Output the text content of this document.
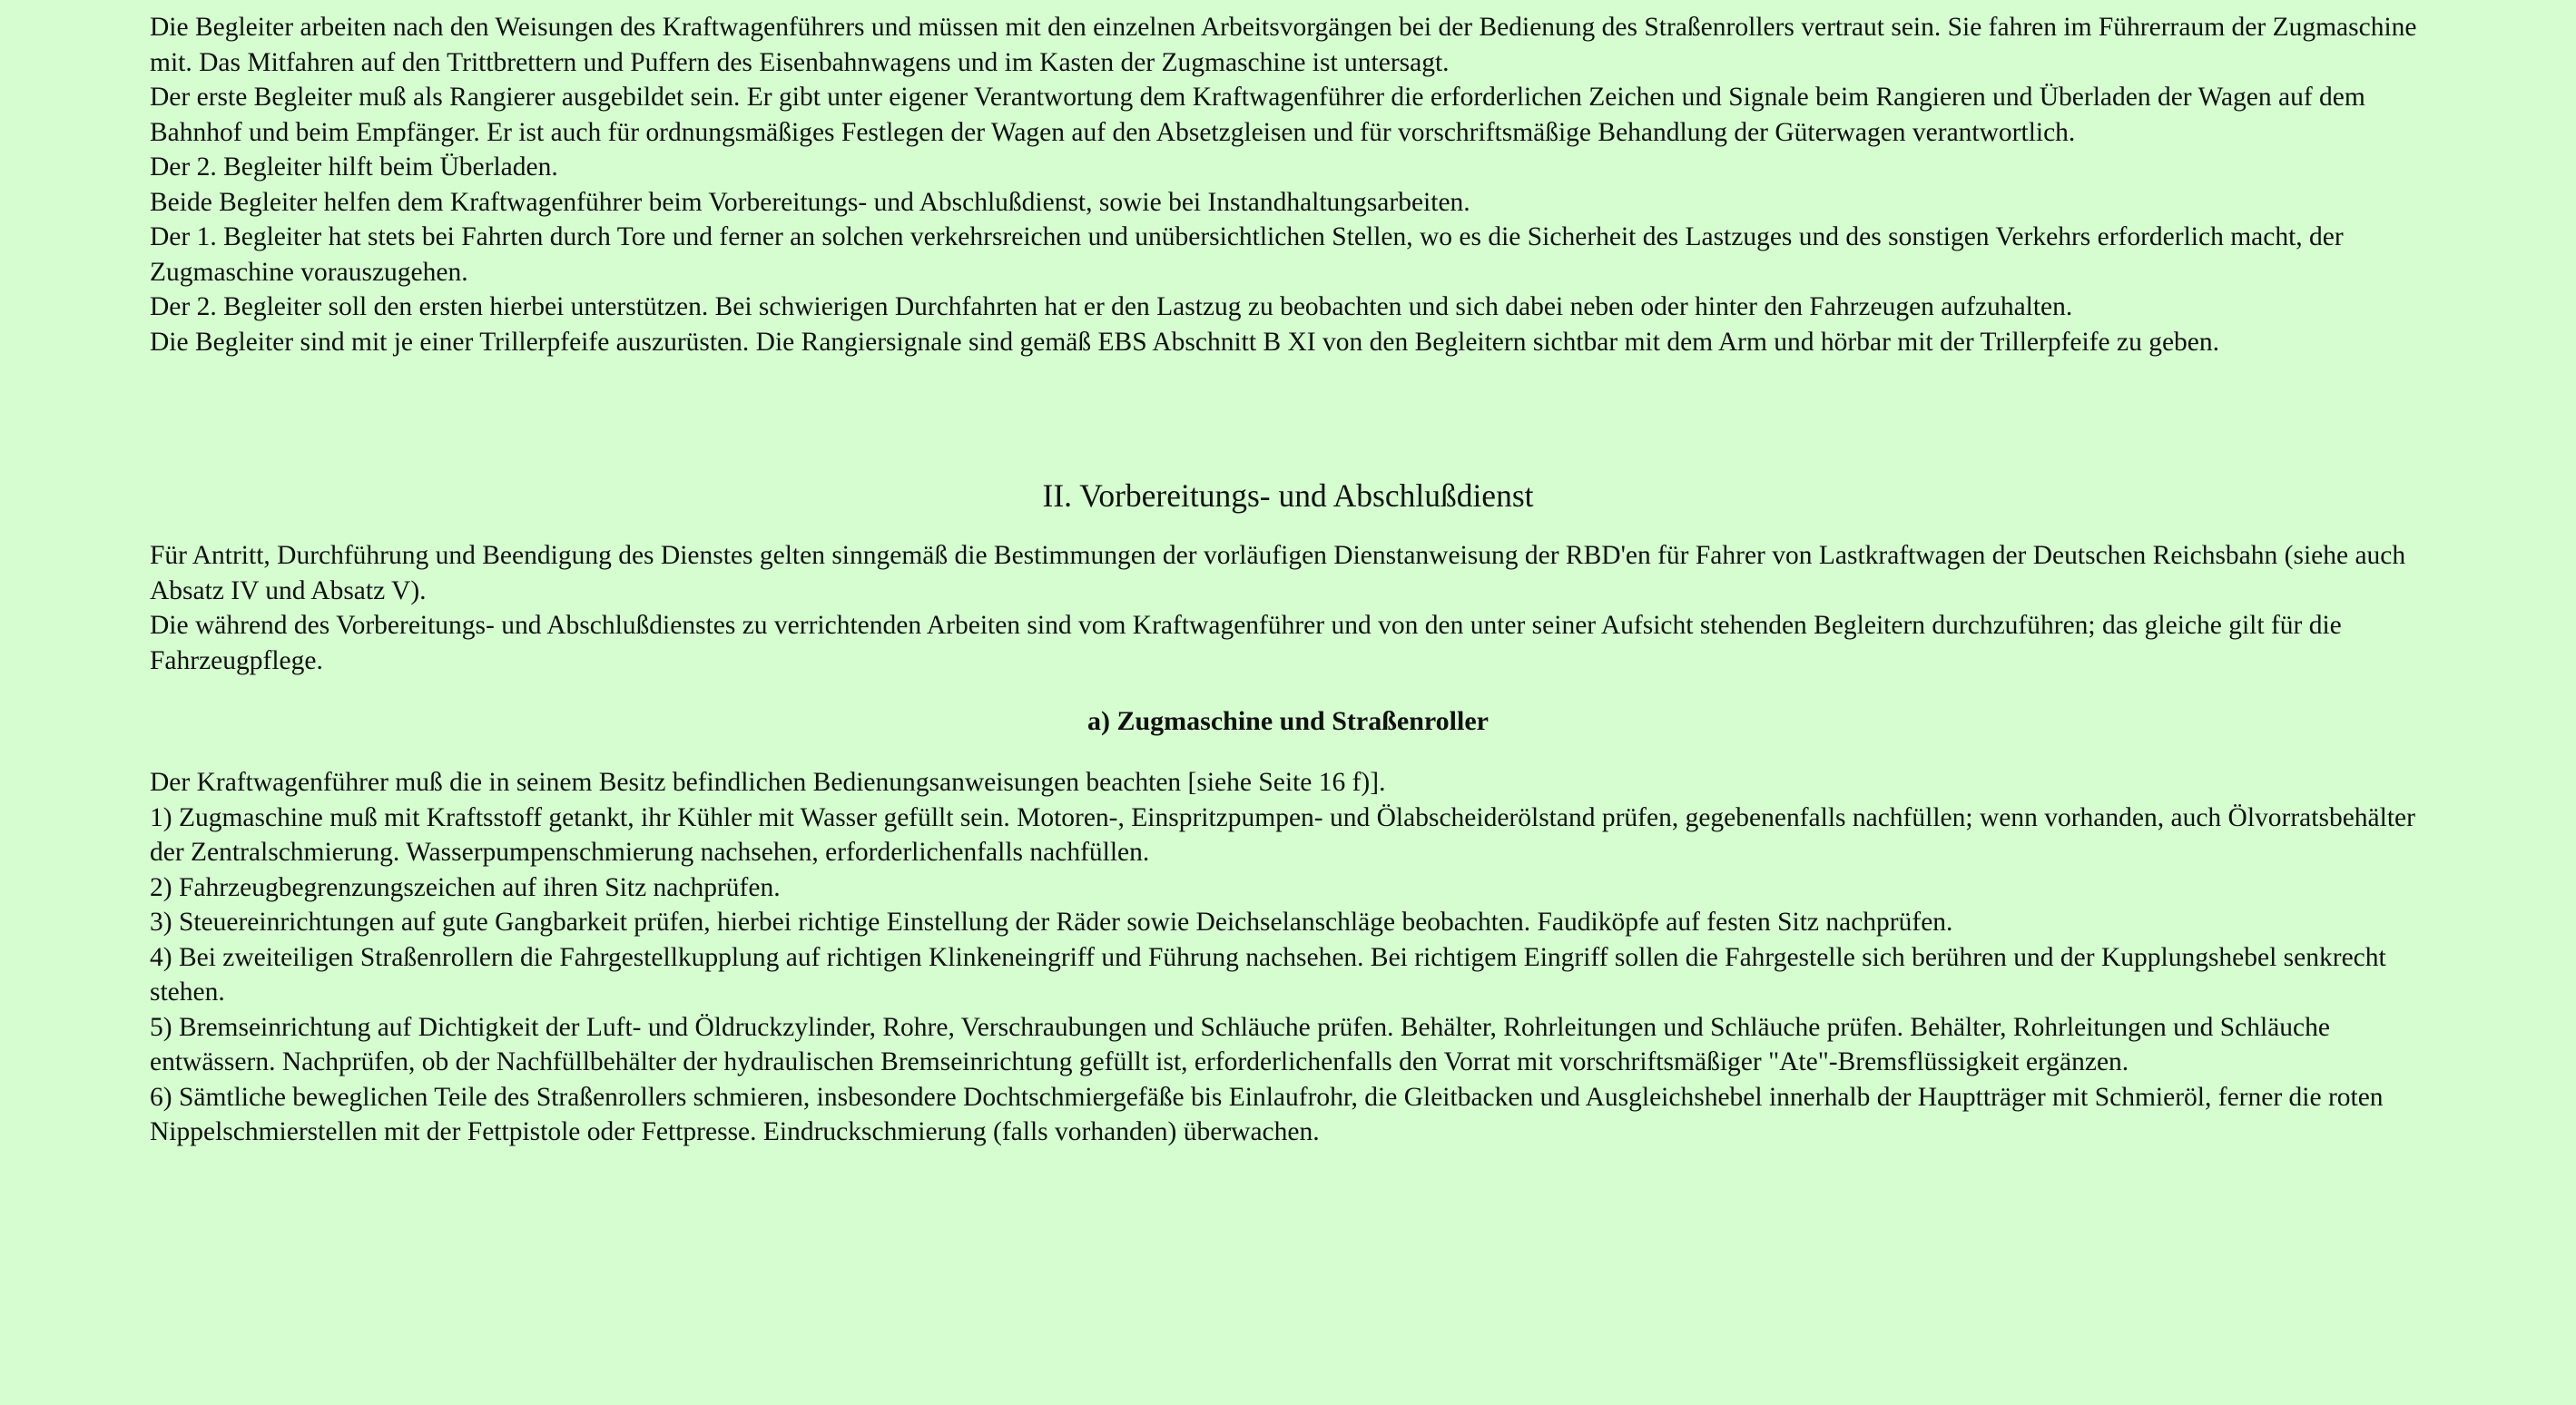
Die Begleiter arbeiten nach den Weisungen des Kraftwagenführers und müssen mit den einzelnen Arbeitsvorgängen bei der Bedienung des Straßenrollers vertraut sein. Sie fahren im Führerraum der Zugmaschine mit. Das Mitfahren auf den Trittbrettern und Puffern des Eisenbahnwagens und im Kasten der Zugmaschine ist untersagt.

Der erste Begleiter muß als Rangierer ausgebildet sein. Er gibt unter eigener Verantwortung dem Kraftwagenführer die erforderlichen Zeichen und Signale beim Rangieren und Überladen der Wagen auf dem Bahnhof und beim Empfänger. Er ist auch für ordnungsmäßiges Festlegen der Wagen auf den Absetzgleisen und für vorschriftsmäßige Behandlung der Güterwagen verantwortlich.

Der 2. Begleiter hilft beim Überladen.

Beide Begleiter helfen dem Kraftwagenführer beim Vorbereitungs- und Abschlußdienst, sowie bei Instandhaltungsarbeiten.

Der 1. Begleiter hat stets bei Fahrten durch Tore und ferner an solchen verkehrsreichen und unübersichtlichen Stellen, wo es die Sicherheit des Lastzuges und des sonstigen Verkehrs erforderlich macht, der Zugmaschine vorauszugehen.

Der 2. Begleiter soll den ersten hierbei unterstützen. Bei schwierigen Durchfahrten hat er den Lastzug zu beobachten und sich dabei neben oder hinter den Fahrzeugen aufzuhalten.

Die Begleiter sind mit je einer Trillerpfeife auszurüsten. Die Rangiersignale sind gemäß EBS Abschnitt B XI von den Begleitern sichtbar mit dem Arm und hörbar mit der Trillerpfeife zu geben.

II. Vorbereitungs- und Abschlußdienst

Für Antritt, Durchführung und Beendigung des Dienstes gelten sinngemäß die Bestimmungen der vorläufigen Dienstanweisung der RBD'en für Fahrer von Lastkraftwagen der Deutschen Reichsbahn (siehe auch Absatz IV und Absatz V).

Die während des Vorbereitungs- und Abschlußdienstes zu verrichtenden Arbeiten sind vom Kraftwagenführer und von den unter seiner Aufsicht stehenden Begleitern durchzuführen; das gleiche gilt für die Fahrzeugpflege.

a) Zugmaschine und Straßenroller

Der Kraftwagenführer muß die in seinem Besitz befindlichen Bedienungsanweisungen beachten [siehe Seite 16 f)].

1) Zugmaschine muß mit Kraftsstoff getankt, ihr Kühler mit Wasser gefüllt sein. Motoren-, Einspritzpumpen- und Ölabscheiderölstand prüfen, gegebenenfalls nachfüllen; wenn vorhanden, auch Ölvorratsbehälter der Zentralschmierung. Wasserpumpenschmierung nachsehen, erforderlichenfalls nachfüllen.

2) Fahrzeugbegrenzungszeichen auf ihren Sitz nachprüfen.

3) Steuereinrichtungen auf gute Gangbarkeit prüfen, hierbei richtige Einstellung der Räder sowie Deichselanschläge beobachten. Faudiköpfe auf festen Sitz nachprüfen.

4) Bei zweiteiligen Straßenrollern die Fahrgestellkupplung auf richtigen Klinkeneingriff und Führung nachsehen. Bei richtigem Eingriff sollen die Fahrgestelle sich berühren und der Kupplungshebel senkrecht stehen.

5) Bremseinrichtung auf Dichtigkeit der Luft- und Öldruckzylinder, Rohre, Verschraubungen und Schläuche prüfen. Behälter, Rohrleitungen und Schläuche prüfen. Behälter, Rohrleitungen und Schläuche entwässern. Nachprüfen, ob der Nachfüllbehälter der hydraulischen Bremseinrichtung gefüllt ist, erforderlichenfalls den Vorrat mit vorschriftsmäßiger "Ate"-Bremsflüssigkeit ergänzen.

6) Sämtliche beweglichen Teile des Straßenrollers schmieren, insbesondere Dochtschmiergefäße bis Einlaufrohr, die Gleitbacken und Ausgleichshebel innerhalb der Hauptträger mit Schmieröl, ferner die roten Nippelschmierstellen mit der Fettpistole oder Fettpresse. Eindruckschmierung (falls vorhanden) überwachen.
